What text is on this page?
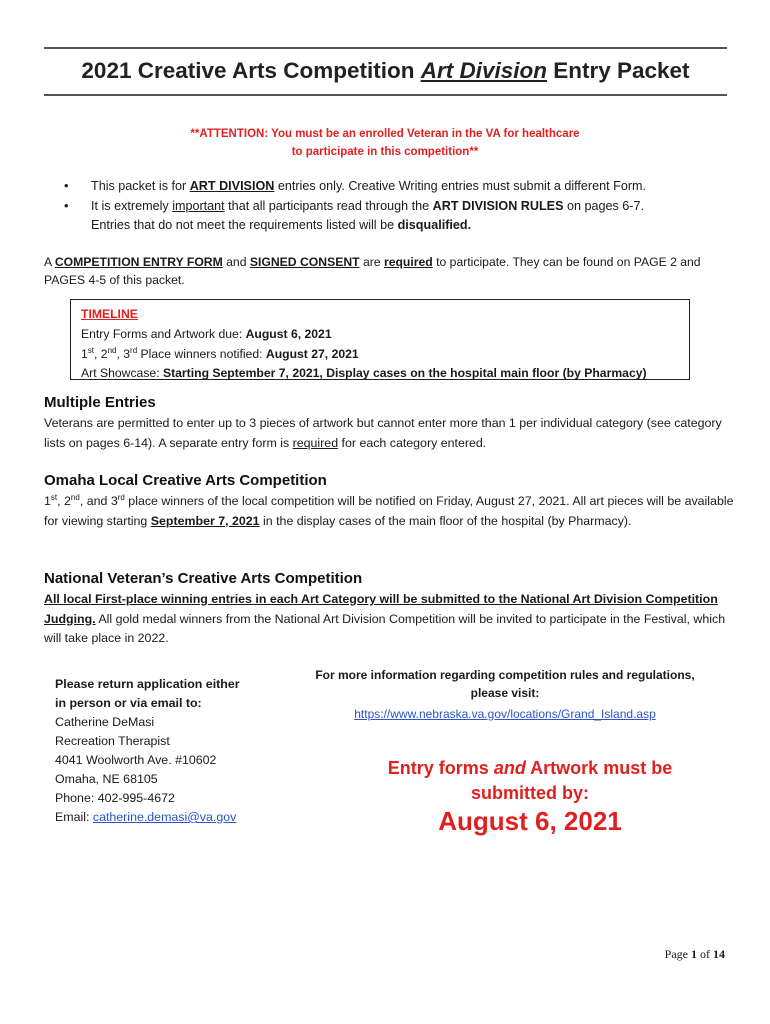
2021 Creative Arts Competition Art Division Entry Packet
**ATTENTION: You must be an enrolled Veteran in the VA for healthcare
to participate in this competition**
• This packet is for ART DIVISION entries only. Creative Writing entries must submit a different Form.
• It is extremely important that all participants read through the ART DIVISION RULES on pages 6-7.
Entries that do not meet the requirements listed will be disqualified.
A COMPETITION ENTRY FORM and SIGNED CONSENT are required to participate. They can be found on PAGE 2 and PAGES 4-5 of this packet.
TIMELINE
Entry Forms and Artwork due: August 6, 2021
1st, 2nd, 3rd Place winners notified: August 27, 2021
Art Showcase: Starting September 7, 2021, Display cases on the hospital main floor (by Pharmacy)
Multiple Entries
Veterans are permitted to enter up to 3 pieces of artwork but cannot enter more than 1 per individual category (see category lists on pages 6-14). A separate entry form is required for each category entered.
Omaha Local Creative Arts Competition
1st, 2nd, and 3rd place winners of the local competition will be notified on Friday, August 27, 2021. All art pieces will be available for viewing starting September 7, 2021 in the display cases of the main floor of the hospital (by Pharmacy).
National Veteran’s Creative Arts Competition
All local First-place winning entries in each Art Category will be submitted to the National Art Division Competition Judging. All gold medal winners from the National Art Division Competition will be invited to participate in the Festival, which will take place in 2022.
Please return application either
in person or via email to:
Catherine DeMasi
Recreation Therapist
4041 Woolworth Ave. #10602
Omaha, NE 68105
Phone: 402-995-4672
Email: catherine.demasi@va.gov
For more information regarding competition rules and regulations,
please visit:
https://www.nebraska.va.gov/locations/Grand_Island.asp
Entry forms and Artwork must be
submitted by:
August 6, 2021
Page 1 of 14
